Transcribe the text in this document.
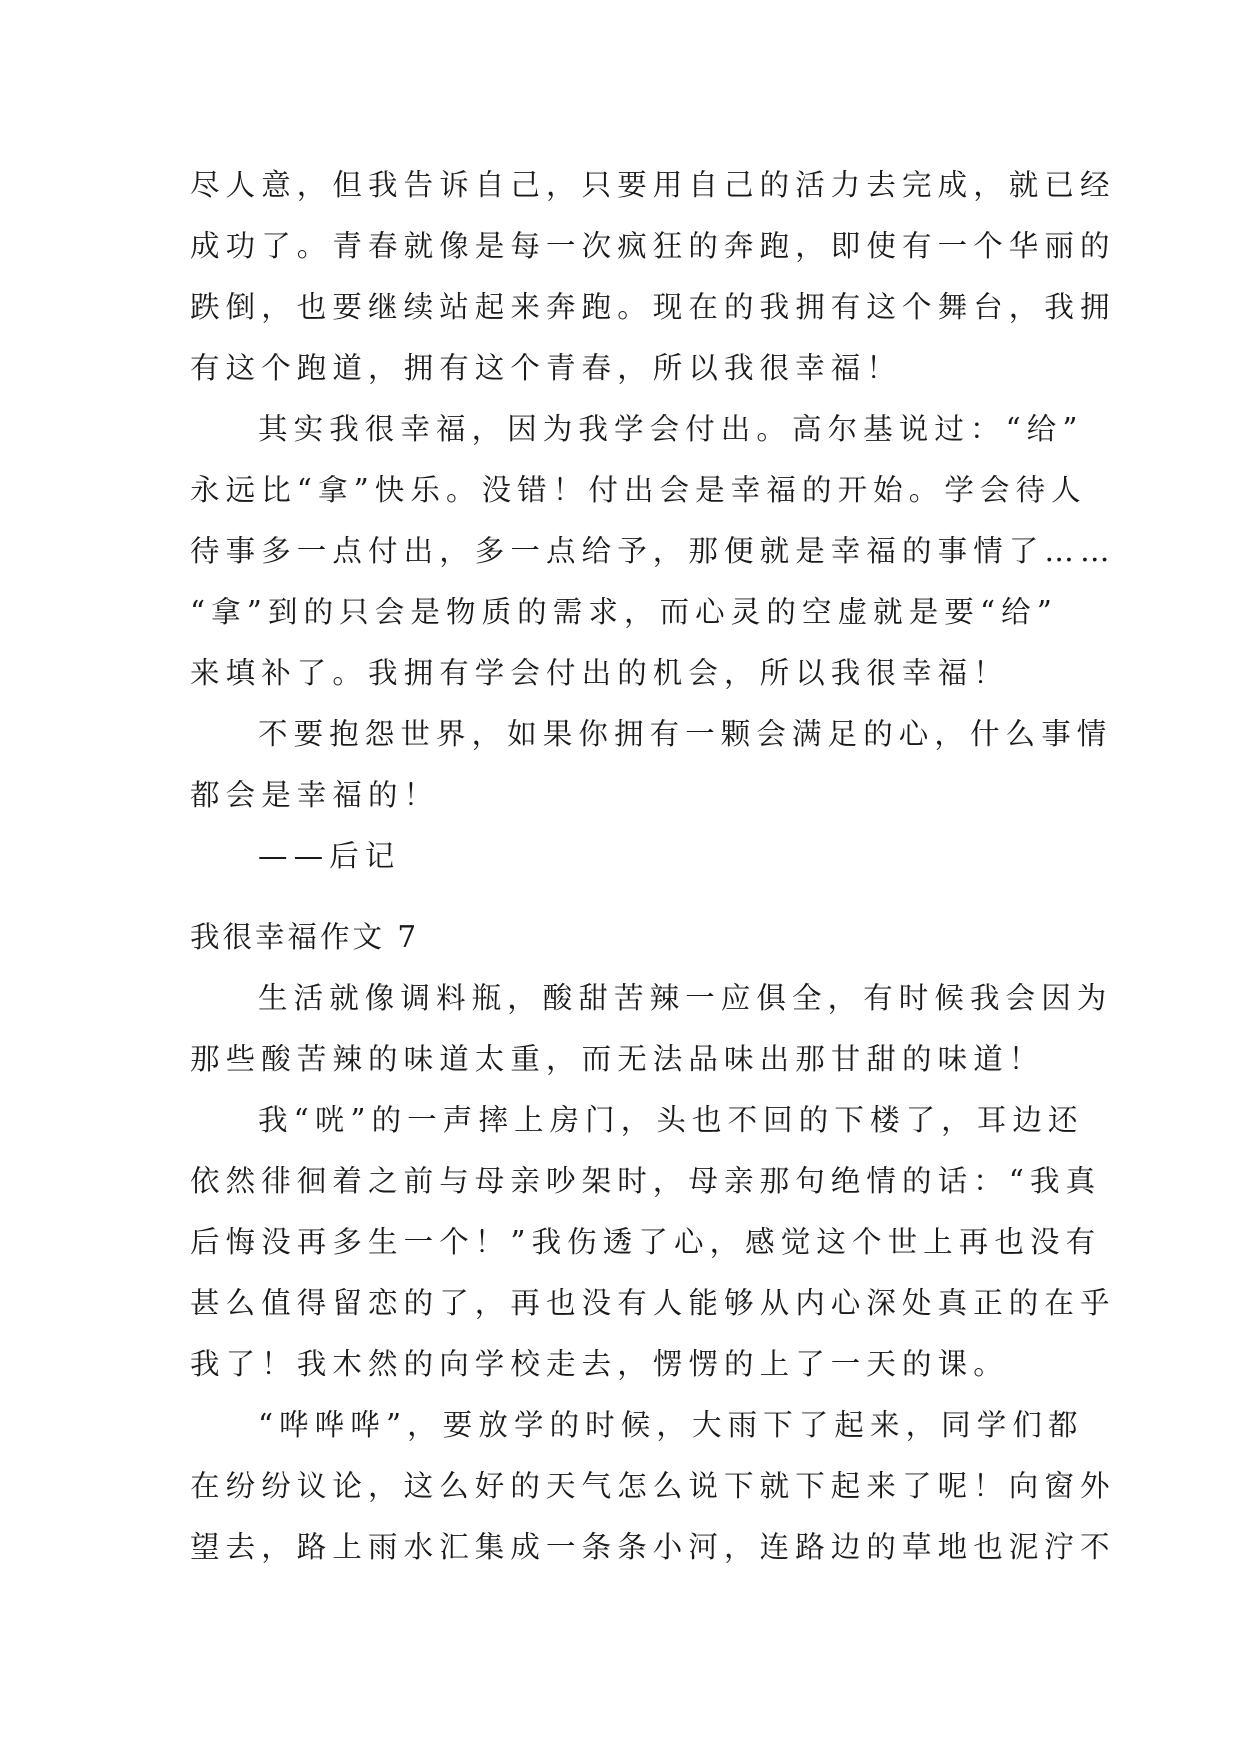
尽人意，但我告诉自己，只要用自己的活力去完成，就已经
成功了。青春就像是每一次疯狂的奔跑，即使有一个华丽的
跌倒，也要继续站起来奔跑。现在的我拥有这个舞台，我拥
有这个跑道，拥有这个青春，所以我很幸福！
其实我很幸福，因为我学会付出。高尔基说过：“给”
永远比“拿”快乐。没错！付出会是幸福的开始。学会待人
待事多一点付出，多一点给予，那便就是幸福的事情了……
“拿”到的只会是物质的需求，而心灵的空虚就是要“给”
来填补了。我拥有学会付出的机会，所以我很幸福！
不要抱怨世界，如果你拥有一颗会满足的心，什么事情
都会是幸福的！
——后记
我很幸福作文 7
生活就像调料瓶，酸甜苦辣一应俱全，有时候我会因为
那些酸苦辣的味道太重，而无法品味出那甘甜的味道！
我“咣”的一声摔上房门，头也不回的下楼了，耳边还
依然徘徊着之前与母亲吵架时，母亲那句绝情的话：“我真
后悔没再多生一个！”我伤透了心，感觉这个世上再也没有
甚么值得留恋的了，再也没有人能够从内心深处真正的在乎
我了！我木然的向学校走去，愣愣的上了一天的课。
“哗哗哗”，要放学的时候，大雨下了起来，同学们都
在纷纷议论，这么好的天气怎么说下就下起来了呢！向窗外
望去，路上雨水汇集成一条条小河，连路边的草地也泥泞不
